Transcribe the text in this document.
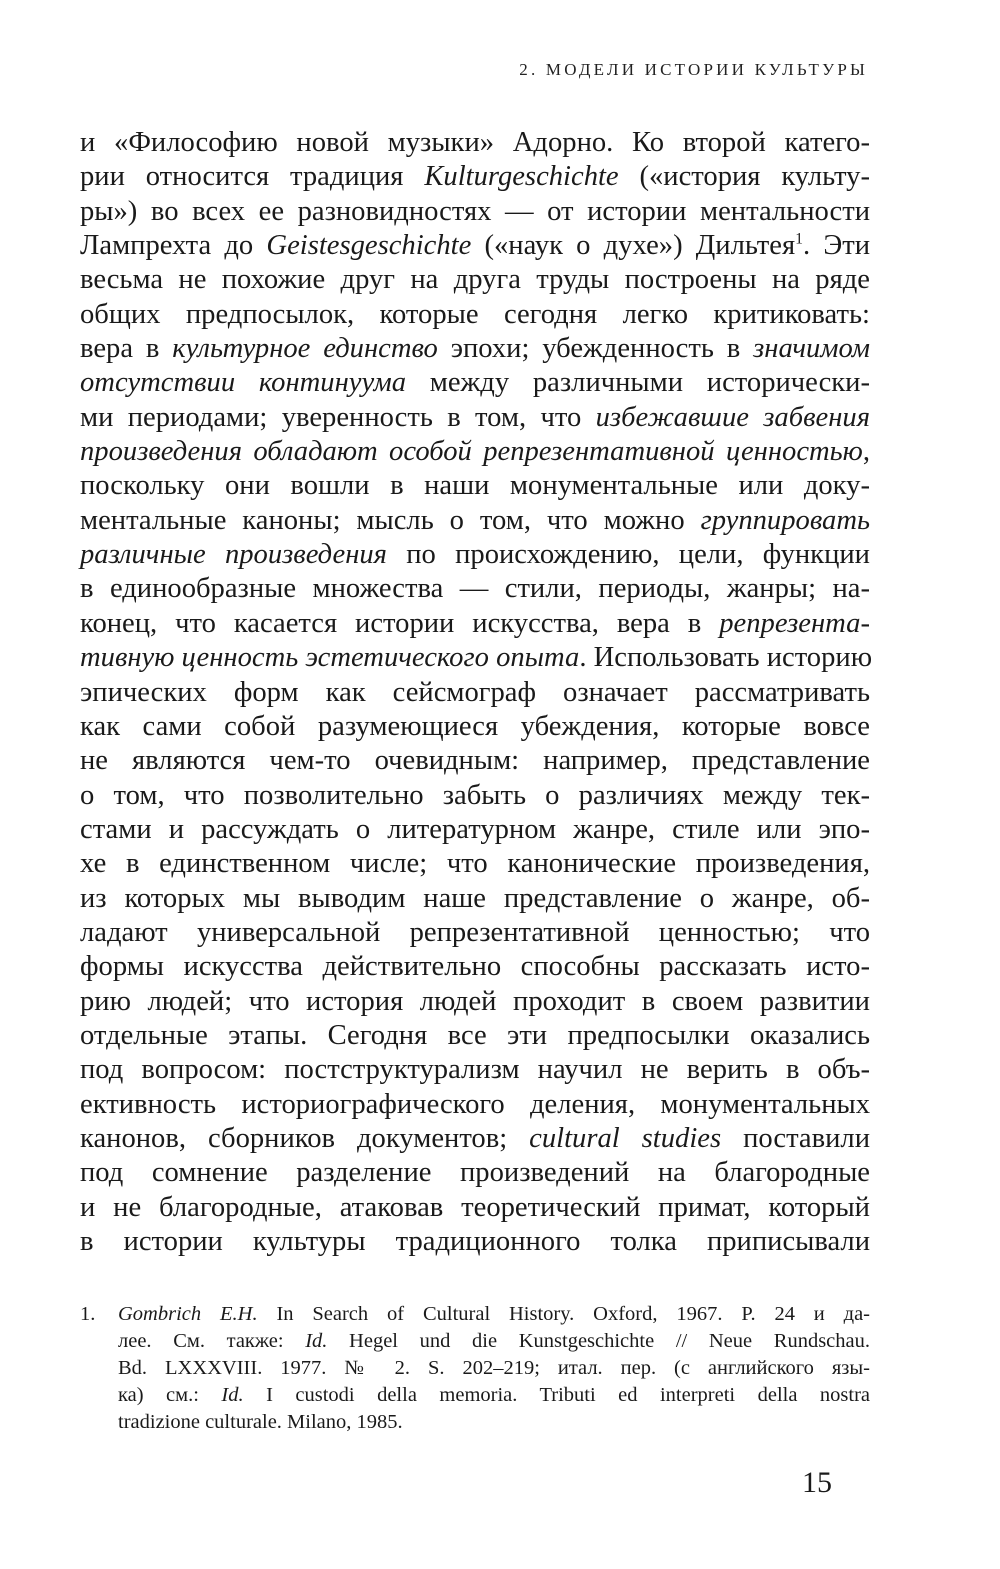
2. МОДЕЛИ ИСТОРИИ КУЛЬТУРЫ
и «Философию новой музыки» Адорно. Ко второй катего-
рии относится традиция Kulturgeschichte («история культу-
ры») во всех ее разновидностях — от истории ментальности
Лампрехта до Geistesgeschichte («наук о духе») Дильтея$^1$. Эти
весьма не похожие друг на друга труды построены на ряде
общих предпосылок, которые сегодня легко критиковать:
вера в культурное единство эпохи; убежденность в значимом
отсутствии континуума между различными исторически-
ми периодами; уверенность в том, что избежавшие забвения
произведения обладают особой репрезентативной ценностью,
поскольку они вошли в наши монументальные или доку-
ментальные каноны; мысль о том, что можно группировать
различные произведения по происхождению, цели, функции
в единообразные множества — стили, периоды, жанры; на-
конец, что касается истории искусства, вера в репрезента-
тивную ценность эстетического опыта. Использовать историю
эпических форм как сейсмограф означает рассматривать
как сами собой разумеющиеся убеждения, которые вовсе
не являются чем-то очевидным: например, представление
о том, что позволительно забыть о различиях между тек-
стами и рассуждать о литературном жанре, стиле или эпо-
хе в единственном числе; что канонические произведения,
из которых мы выводим наше представление о жанре, об-
ладают универсальной репрезентативной ценностью; что
формы искусства действительно способны рассказать исто-
рию людей; что история людей проходит в своем развитии
отдельные этапы. Сегодня все эти предпосылки оказались
под вопросом: постструктурализм научил не верить в объ-
ективность историографического деления, монументальных
канонов, сборников документов; cultural studies поставили
под сомнение разделение произведений на благородные
и не благородные, атаковав теоретический примат, который
в истории культуры традиционного толка приписывали
1. Gombrich E.H. In Search of Cultural History. Oxford, 1967. P. 24 и да-
лее. См. также: Id. Hegel und die Kunstgeschichte // Neue Rundschau.
Bd. LXXXVIII. 1977. № 2. S. 202–219; итал. пер. (с английского язы-
ка) см.: Id. I custodi della memoria. Tributi ed interpreti della nostra
tradizione culturale. Milano, 1985.
15
